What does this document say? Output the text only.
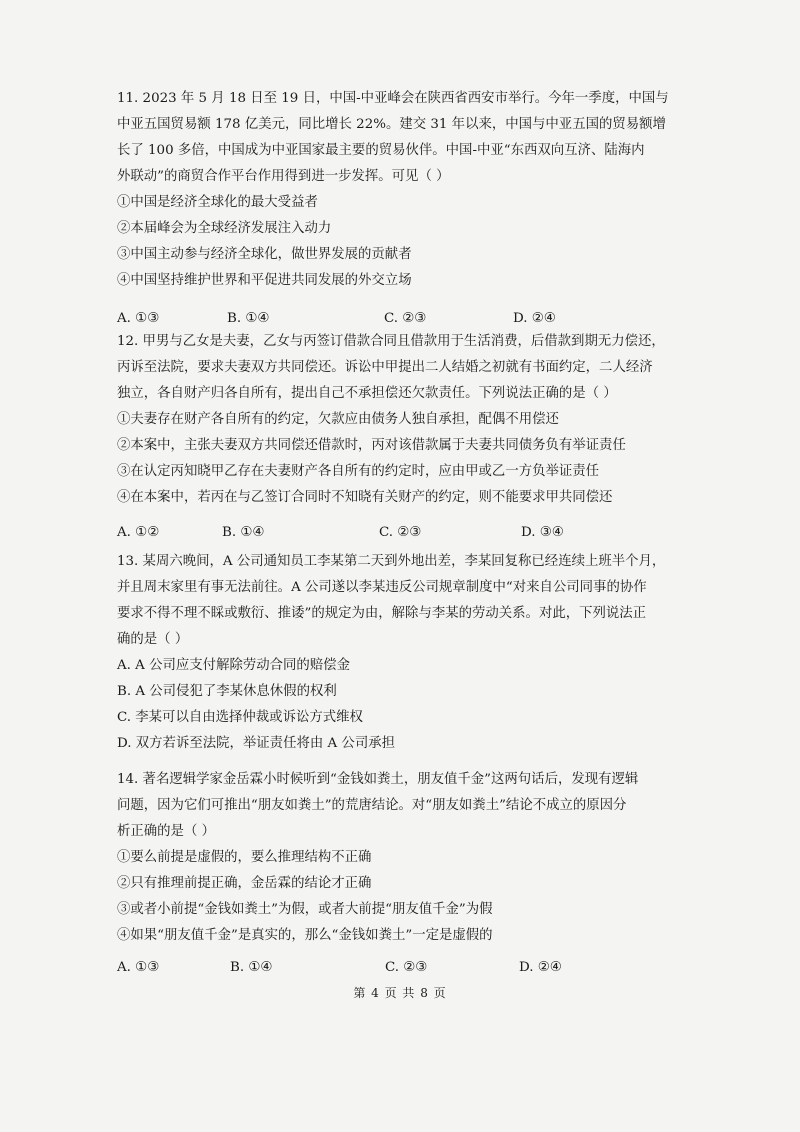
11. 2023 年 5 月 18 日至 19 日，中国-中亚峰会在陕西省西安市举行。今年一季度，中国与
中亚五国贸易额 178 亿美元，同比增长 22%。建交 31 年以来，中国与中亚五国的贸易额增
长了 100 多倍，中国成为中亚国家最主要的贸易伙伴。中国-中亚“东西双向互济、陆海内
外联动”的商贸合作平台作用得到进一步发挥。可见（ ）
①中国是经济全球化的最大受益者
②本届峰会为全球经济发展注入动力
③中国主动参与经济全球化，做世界发展的贡献者
④中国坚持维护世界和平促进共同发展的外交立场
A. ①③	B. ①④	C. ②③	D. ②④
12. 甲男与乙女是夫妻，乙女与丙签订借款合同且借款用于生活消费，后借款到期无力偿还，
丙诉至法院，要求夫妻双方共同偿还。诉讼中甲提出二人结婚之初就有书面约定，二人经济
独立，各自财产归各自所有，提出自己不承担偿还欠款责任。下列说法正确的是（ ）
①夫妻存在财产各自所有的约定，欠款应由债务人独自承担，配偶不用偿还
②本案中，主张夫妻双方共同偿还借款时，丙对该借款属于夫妻共同债务负有举证责任
③在认定丙知晓甲乙存在夫妻财产各自所有的约定时，应由甲或乙一方负举证责任
④在本案中，若丙在与乙签订合同时不知晓有关财产的约定，则不能要求甲共同偿还
A. ①②	B. ①④	C. ②③	D. ③④
13. 某周六晚间，A 公司通知员工李某第二天到外地出差，李某回复称已经连续上班半个月，
并且周末家里有事无法前往。A 公司遂以李某违反公司规章制度中“对来自公司同事的协作
要求不得不理不睬或敷衍、推诿”的规定为由，解除与李某的劳动关系。对此，下列说法正
确的是（ ）
A. A 公司应支付解除劳动合同的赔偿金
B. A 公司侵犯了李某休息休假的权利
C. 李某可以自由选择仲裁或诉讼方式维权
D. 双方若诉至法院，举证责任将由 A 公司承担
14. 著名逻辑学家金岳霖小时候听到“金钱如粪土，朋友值千金”这两句话后，发现有逻辑
问题，因为它们可推出“朋友如粪土”的荒唐结论。对“朋友如粪土”结论不成立的原因分
析正确的是（ ）
①要么前提是虚假的，要么推理结构不正确
②只有推理前提正确，金岳霖的结论才正确
③或者小前提“金钱如粪土”为假，或者大前提“朋友值千金”为假
④如果“朋友值千金”是真实的，那么“金钱如粪土”一定是虚假的
A. ①③	B. ①④	C. ②③	D. ②④
第 4 页 共 8 页
